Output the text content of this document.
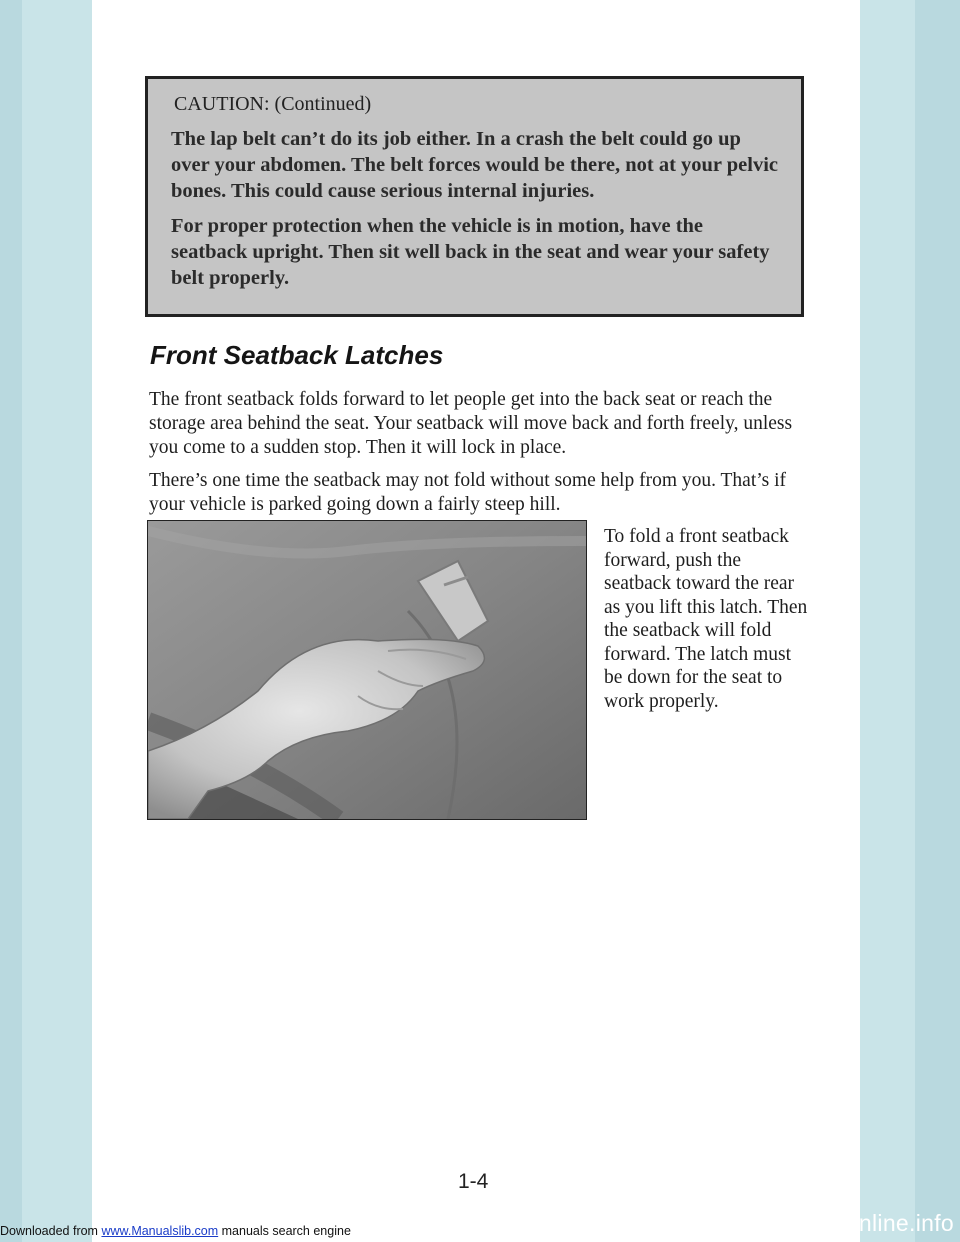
CAUTION: (Continued)

The lap belt can’t do its job either. In a crash the belt could go up over your abdomen. The belt forces would be there, not at your pelvic bones. This could cause serious internal injuries.

For proper protection when the vehicle is in motion, have the seatback upright. Then sit well back in the seat and wear your safety belt properly.

Front Seatback Latches

The front seatback folds forward to let people get into the back seat or reach the storage area behind the seat. Your seatback will move back and forth freely, unless you come to a sudden stop. Then it will lock in place.

There’s one time the seatback may not fold without some help from you. That’s if your vehicle is parked going down a fairly steep hill.

To fold a front seatback forward, push the seatback toward the rear as you lift this latch. Then the seatback will fold forward. The latch must be down for the seat to work properly.

1-4
Downloaded from www.Manualslib.com manuals search engine	carmanualsonline.info
